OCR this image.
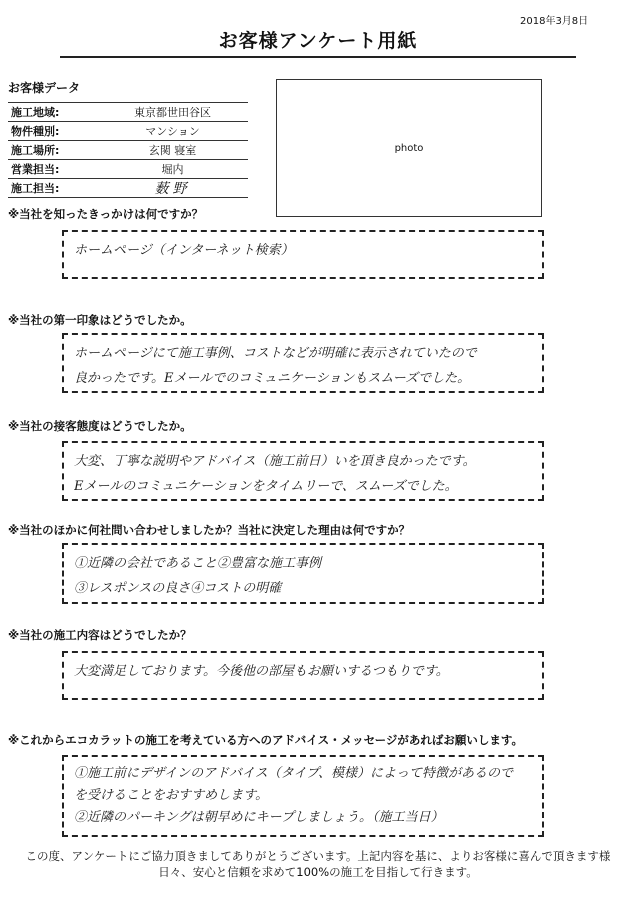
2018年3月8日
お客様アンケート用紙
お客様データ
施工地域:	東京都世田谷区
物件種別:	マンション
施工場所:	玄関 寝室
営業担当:	堀内
施工担当:	薮野
photo
※当社を知ったきっかけは何ですか？
ホームページ（インターネット検索）
※当社の第一印象はどうでしたか。
ホームページにて施工事例、コストなどが明確に表示されていたので
良かったです。Eメールでのコミュニケーションもスムーズでした。
※当社の接客態度はどうでしたか。
大変、丁寧な説明やアドバイス（施工前日）いを頂き良かったです。
Eメールのコミュニケーションをタイムリーで、スムーズでした。
※当社のほかに何社問い合わせしましたか？当社に決定した理由は何ですか？
①近隣の会社であること②豊富な施工事例
③レスポンスの良さ④コストの明確
※当社の施工内容はどうでしたか？
大変満足しております。今後他の部屋もお願いするつもりです。
※これからエコカラットの施工を考えている方へのアドバイス・メッセージがあればお願いします。
①施工前にデザインのアドバイス（タイプ、模様）によって特徴があるので
を受けることをおすすめします。
②近隣のパーキングは朝早めにキープしましょう。（施工当日）
この度、アンケートにご協力頂きましてありがとうございます。上記内容を基に、よりお客様に喜んで頂きます様
日々、安心と信頼を求めて100%の施工を目指して行きます。
